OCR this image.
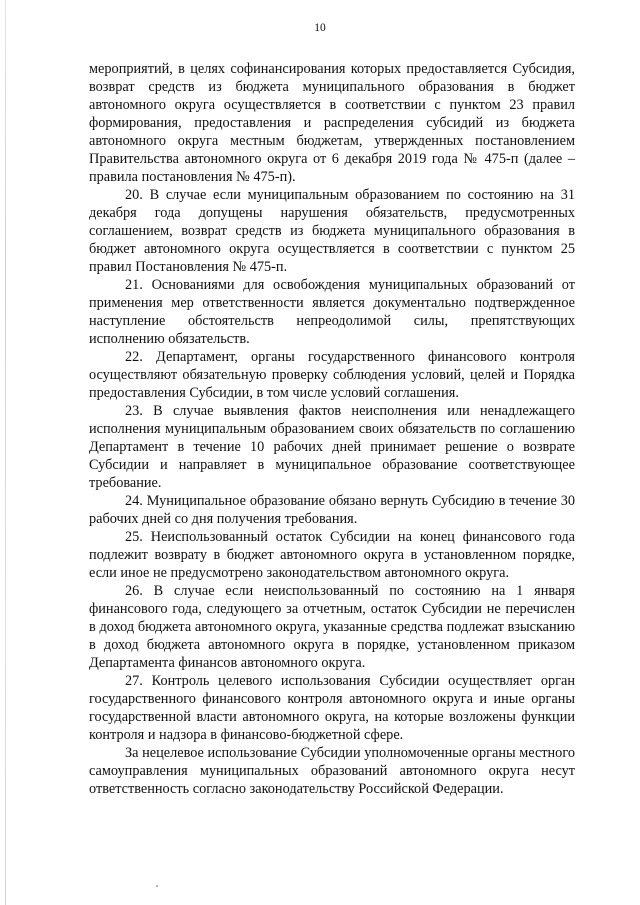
10

мероприятий, в целях софинансирования которых предоставляется Субсидия, возврат средств из бюджета муниципального образования в бюджет автономного округа осуществляется в соответствии с пунктом 23 правил формирования, предоставления и распределения субсидий из бюджета автономного округа местным бюджетам, утвержденных постановлением Правительства автономного округа от 6 декабря 2019 года № 475-п (далее – правила постановления № 475-п).

20. В случае если муниципальным образованием по состоянию на 31 декабря года допущены нарушения обязательств, предусмотренных соглашением, возврат средств из бюджета муниципального образования в бюджет автономного округа осуществляется в соответствии с пунктом 25 правил Постановления № 475-п.

21. Основаниями для освобождения муниципальных образований от применения мер ответственности является документально подтвержденное наступление обстоятельств непреодолимой силы, препятствующих исполнению обязательств.

22. Департамент, органы государственного финансового контроля осуществляют обязательную проверку соблюдения условий, целей и Порядка предоставления Субсидии, в том числе условий соглашения.

23. В случае выявления фактов неисполнения или ненадлежащего исполнения муниципальным образованием своих обязательств по соглашению Департамент в течение 10 рабочих дней принимает решение о возврате Субсидии и направляет в муниципальное образование соответствующее требование.

24. Муниципальное образование обязано вернуть Субсидию в течение 30 рабочих дней со дня получения требования.

25. Неиспользованный остаток Субсидии на конец финансового года подлежит возврату в бюджет автономного округа в установленном порядке, если иное не предусмотрено законодательством автономного округа.

26. В случае если неиспользованный по состоянию на 1 января финансового года, следующего за отчетным, остаток Субсидии не перечислен в доход бюджета автономного округа, указанные средства подлежат взысканию в доход бюджета автономного округа в порядке, установленном приказом Департамента финансов автономного округа.

27. Контроль целевого использования Субсидии осуществляет орган государственного финансового контроля автономного округа и иные органы государственной власти автономного округа, на которые возложены функции контроля и надзора в финансово-бюджетной сфере.

За нецелевое использование Субсидии уполномоченные органы местного самоуправления муниципальных образований автономного округа несут ответственность согласно законодательству Российской Федерации.
